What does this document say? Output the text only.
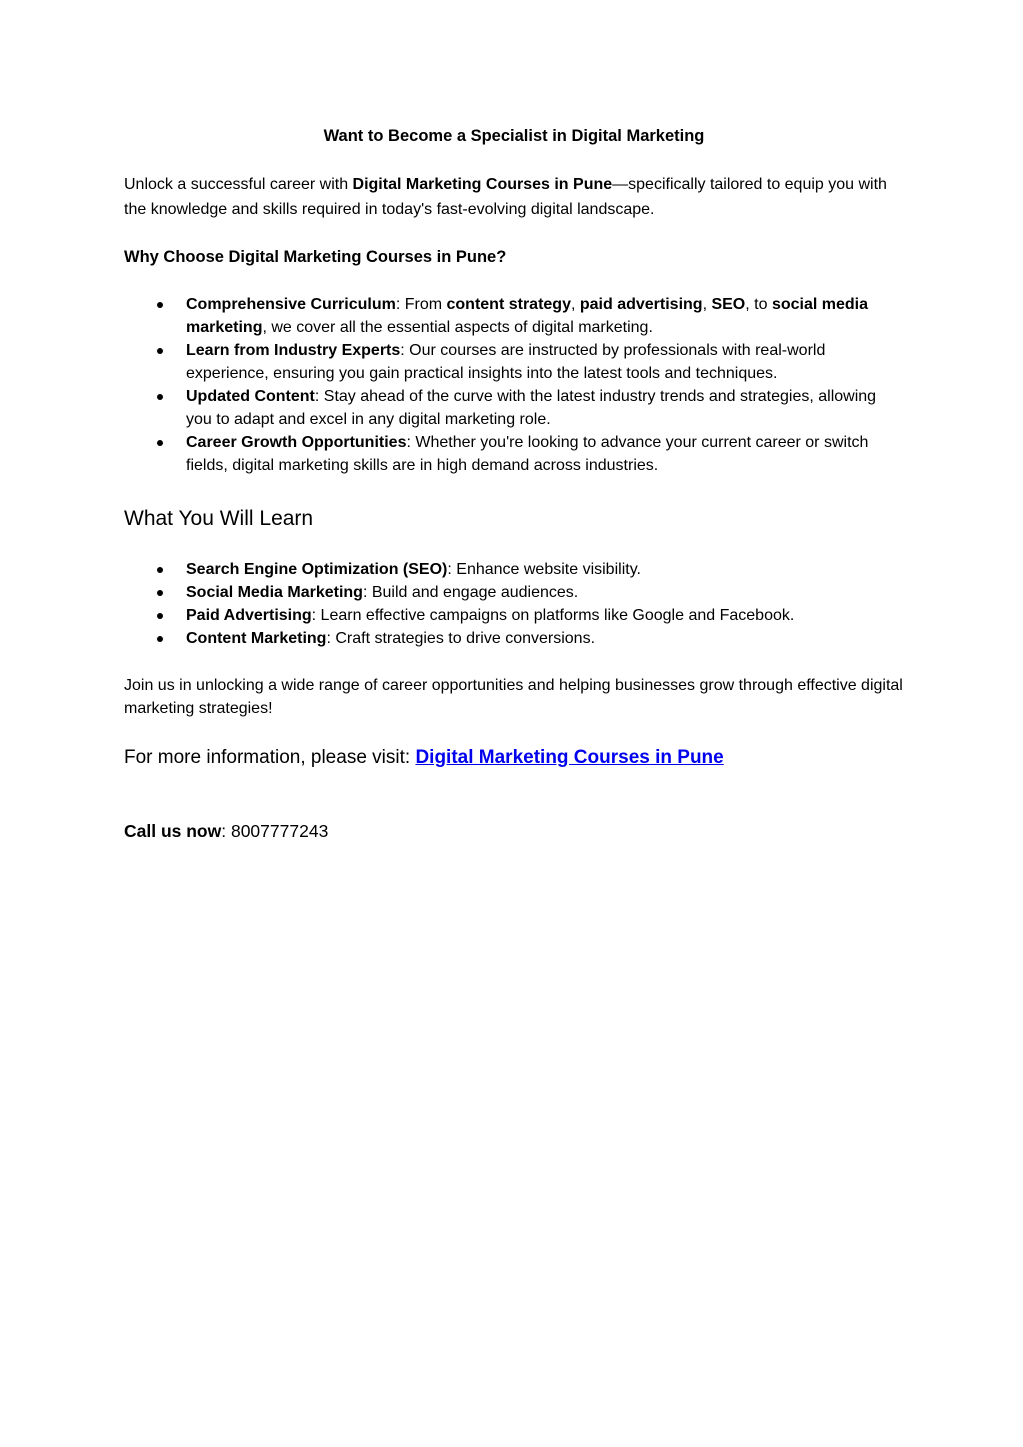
Want to Become a Specialist in Digital Marketing

Unlock a successful career with Digital Marketing Courses in Pune—specifically tailored to equip you with the knowledge and skills required in today's fast-evolving digital landscape.

Why Choose Digital Marketing Courses in Pune?
Comprehensive Curriculum: From content strategy, paid advertising, SEO, to social media marketing, we cover all the essential aspects of digital marketing.
Learn from Industry Experts: Our courses are instructed by professionals with real-world experience, ensuring you gain practical insights into the latest tools and techniques.
Updated Content: Stay ahead of the curve with the latest industry trends and strategies, allowing you to adapt and excel in any digital marketing role.
Career Growth Opportunities: Whether you're looking to advance your current career or switch fields, digital marketing skills are in high demand across industries.
What You Will Learn
Search Engine Optimization (SEO): Enhance website visibility.
Social Media Marketing: Build and engage audiences.
Paid Advertising: Learn effective campaigns on platforms like Google and Facebook.
Content Marketing: Craft strategies to drive conversions.

Join us in unlocking a wide range of career opportunities and helping businesses grow through effective digital marketing strategies!

For more information, please visit: Digital Marketing Courses in Pune

Call us now: 8007777243
